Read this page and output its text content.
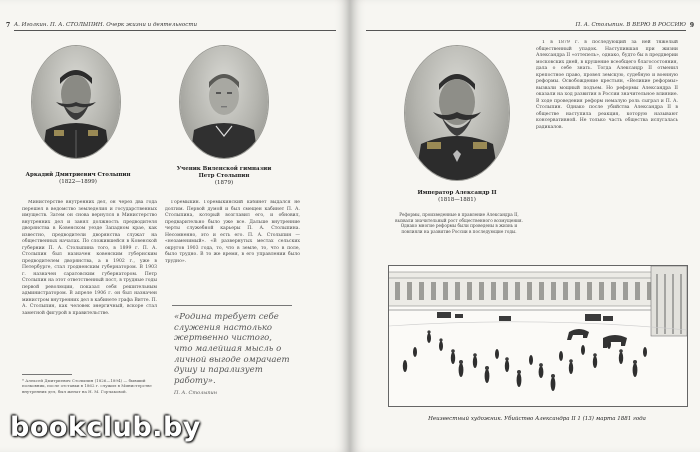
7 А. Иголкин. П. А. СТОЛЫПИН. Очерк жизни и деятельности
Аркадий Дмитриевич Столыпин
(1822—1899)
Ученик Виленской гимназии
Петр Столыпин
(1879)

Министерстве внутренних дел, он через два года перешел в ведомство земледелия и государственных имуществ. Затем он снова вернулся в Министерство внутренних дел и занял должность предводителя дворянства в Ковенском уезде Западном крае, как известно, предводители дворянства служат на общественных началах. По сложившейся в Ковенской губернии П. А. Столыпина того, в 1899 г. П. А. Столыпин был назначен ковенским губернским предводителем дворянства, а в 1902 г., уже в Петербурге, стал гродненским губернатором. В 1903 г. назначен саратовским губернатором. Петр Столыпин на этот ответственный пост, в трудные годы первой революции, показал себя решительным администратором. В апреле 1906 г. он был назначен министром внутренних дел в кабинете графа Витте. П. А. Столыпин, как человек энергичный, вскоре стал заметной фигурой в правительстве.

Горемыкин. Горемыкинский кабинет выдался не долгим. Первой думой и был смещен кабинет П. А. Столыпина, который возглавил его, и обновил, предварительно было уже все. Дальше внутренние черты служебной карьеры П. А. Столыпина. Несомненно, это и есть его. П. А. Столыпин — «незаменимый». «В развернутых местах сельских округов 1903 года, то, что в земле, то, что в поле, было трудно. В то же время, в его управлении было трудно».

«Родина требует себе служения настолько жертвенно чистого, что малейшая мысль о личной выгоде омрачает душу и парализует работу».
П. А. Столыпин
* Алексей Дмитриевич Столыпин (1826—1894) — бывший полковник, после отставки в 1862 г. служил в Министерстве внутренних дел, был женат на Н. М. Горчаковой.
П. А. Столыпин. В ВЕРЮ В РОССИЮ 9
Император Александр II
(1818—1881)
Реформы, произведенные в правление Александра II, вызвали значительный рост общественного возмущения. Однако многие реформы были проведены в жизнь и повлияли на развитие России в последующие годы.

1 в 1879 г. в последующий за ней тяжелый общественный упадок. Наступившая при жизни Александра II «оттепель», однако, будто бы в преддверии московских дней, в крушение всеобщего благосостояния, дала о себе знать. Тогда Александр II отменил крепостное право, провел земскую, судебную и военную реформы. Освобождение крестьян, «Великие реформы» вызвали мощный подъем. Но реформы Александра II оказали на ход развития в России значительное влияние. В ходе проведения реформ немалую роль сыграл и П. А. Столыпин. Однако после убийства Александра II в обществе наступила реакция, которую называют консервативной. Не только часть общества испугалась радикалов.

Неизвестный художник. Убийство Александра II 1 (13) марта 1881 года
bookclub.by
